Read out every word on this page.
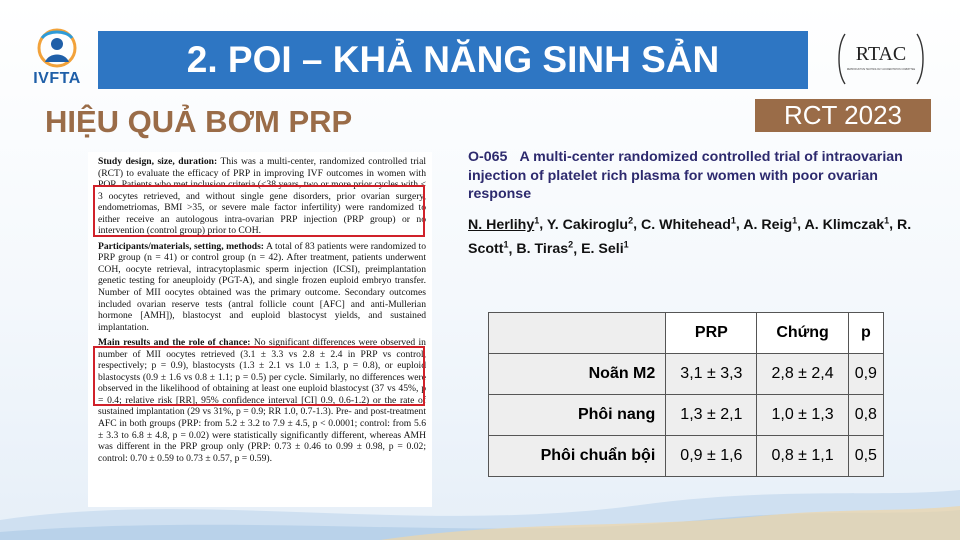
IVFTA	2. POI – KHẢ NĂNG SINH SẢN	RTAC
REPRODUCTIVE TECHNOLOGY ACCREDITATION COMMITTEE
HIỆU QUẢ BƠM PRP	RCT 2023

Study design, size, duration: This was a multi-center, randomized controlled trial (RCT) to evaluate the efficacy of PRP in improving IVF outcomes in women with POR. Patients who met inclusion criteria (<38 years, two or more prior cycles with < 3 oocytes retrieved, and without single gene disorders, prior ovarian surgery, endometriomas, BMI >35, or severe male factor infertility) were randomized to either receive an autologous intra-ovarian PRP injection (PRP group) or no intervention (control group) prior to COH.

Participants/materials, setting, methods: A total of 83 patients were randomized to PRP group (n = 41) or control group (n = 42). After treatment, patients underwent COH, oocyte retrieval, intracytoplasmic sperm injection (ICSI), preimplantation genetic testing for aneuploidy (PGT-A), and single frozen euploid embryo transfer. Number of MII oocytes obtained was the primary outcome. Secondary outcomes included ovarian reserve tests (antral follicle count [AFC] and anti-Mullerian hormone [AMH]), blastocyst and euploid blastocyst yields, and sustained implantation.

Main results and the role of chance: No significant differences were observed in number of MII oocytes retrieved (3.1 ± 3.3 vs 2.8 ± 2.4 in PRP vs control, respectively; p = 0.9), blastocysts (1.3 ± 2.1 vs 1.0 ± 1.3, p = 0.8), or euploid blastocysts (0.9 ± 1.6 vs 0.8 ± 1.1; p = 0.5) per cycle. Similarly, no differences were observed in the likelihood of obtaining at least one euploid blastocyst (37 vs 45%, p = 0.4; relative risk [RR], 95% confidence interval [CI] 0.9, 0.6-1.2) or the rate of sustained implantation (29 vs 31%, p = 0.9; RR 1.0, 0.7-1.3). Pre- and post-treatment AFC in both groups (PRP: from 5.2 ± 3.2 to 7.9 ± 4.5, p < 0.0001; control: from 5.6 ± 3.3 to 6.8 ± 4.8, p = 0.02) were statistically significantly different, whereas AMH was different in the PRP group only (PRP: 0.73 ± 0.46 to 0.99 ± 0.98, p = 0.02; control: 0.70 ± 0.59 to 0.73 ± 0.57, p = 0.59).

O-065 A multi-center randomized controlled trial of intraovarian injection of platelet rich plasma for women with poor ovarian response
N. Herlihy$^1$, Y. Cakiroglu$^2$, C. Whitehead$^1$, A. Reig$^1$, A. Klimczak$^1$, R. Scott$^1$, B. Tiras$^2$, E. Seli$^1$
	PRP	Chứng	p
Noãn M2	3,1 ± 3,3	2,8 ± 2,4	0,9
Phôi nang	1,3 ± 2,1	1,0 ± 1,3	0,8
Phôi chuẩn bội	0,9 ± 1,6	0,8 ± 1,1	0,5
